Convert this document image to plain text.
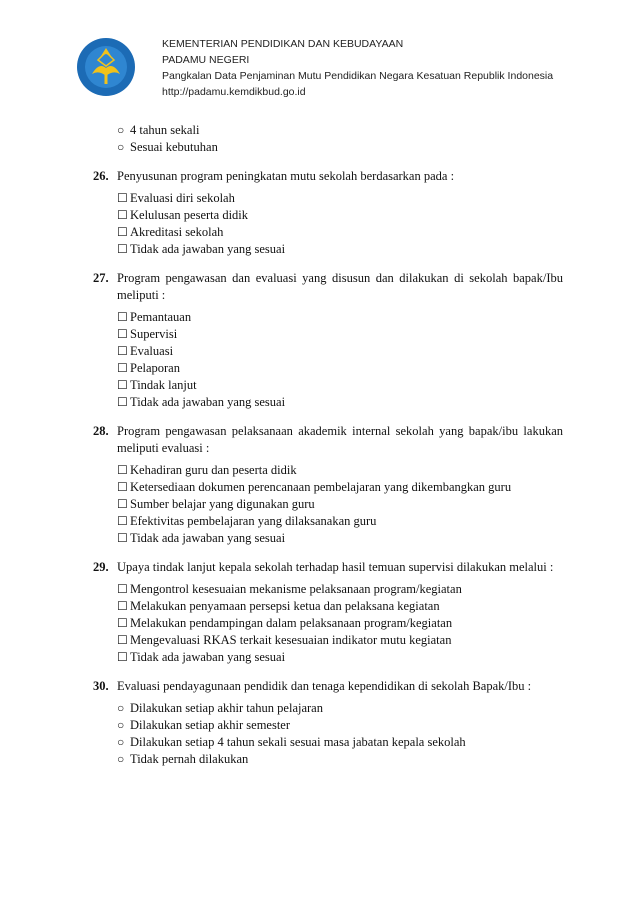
KEMENTERIAN PENDIDIKAN DAN KEBUDAYAAN
PADAMU NEGERI
Pangkalan Data Penjaminan Mutu Pendidikan Negara Kesatuan Republik Indonesia
http://padamu.kemdikbud.go.id
○ 4 tahun sekali
○ Sesuai kebutuhan
26. Penyusunan program peningkatan mutu sekolah berdasarkan pada :
☐ Evaluasi diri sekolah
☐ Kelulusan peserta didik
☐ Akreditasi sekolah
☐ Tidak ada jawaban yang sesuai
27. Program pengawasan dan evaluasi yang disusun dan dilakukan di sekolah bapak/Ibu meliputi :
☐ Pemantauan
☐ Supervisi
☐ Evaluasi
☐ Pelaporan
☐ Tindak lanjut
☐ Tidak ada jawaban yang sesuai
28. Program pengawasan pelaksanaan akademik internal sekolah yang bapak/ibu lakukan meliputi evaluasi :
☐ Kehadiran guru dan peserta didik
☐ Ketersediaan dokumen perencanaan pembelajaran yang dikembangkan guru
☐ Sumber belajar yang digunakan guru
☐ Efektivitas pembelajaran yang dilaksanakan guru
☐ Tidak ada jawaban yang sesuai
29. Upaya tindak lanjut kepala sekolah terhadap hasil temuan supervisi dilakukan melalui :
☐ Mengontrol kesesuaian mekanisme pelaksanaan program/kegiatan
☐ Melakukan penyamaan persepsi ketua dan pelaksana kegiatan
☐ Melakukan pendampingan dalam pelaksanaan program/kegiatan
☐ Mengevaluasi RKAS terkait kesesuaian indikator mutu kegiatan
☐ Tidak ada jawaban yang sesuai
30. Evaluasi pendayagunaan pendidik dan tenaga kependidikan di sekolah Bapak/Ibu :
○ Dilakukan setiap akhir tahun pelajaran
○ Dilakukan setiap akhir semester
○ Dilakukan setiap 4 tahun sekali sesuai masa jabatan kepala sekolah
○ Tidak pernah dilakukan
